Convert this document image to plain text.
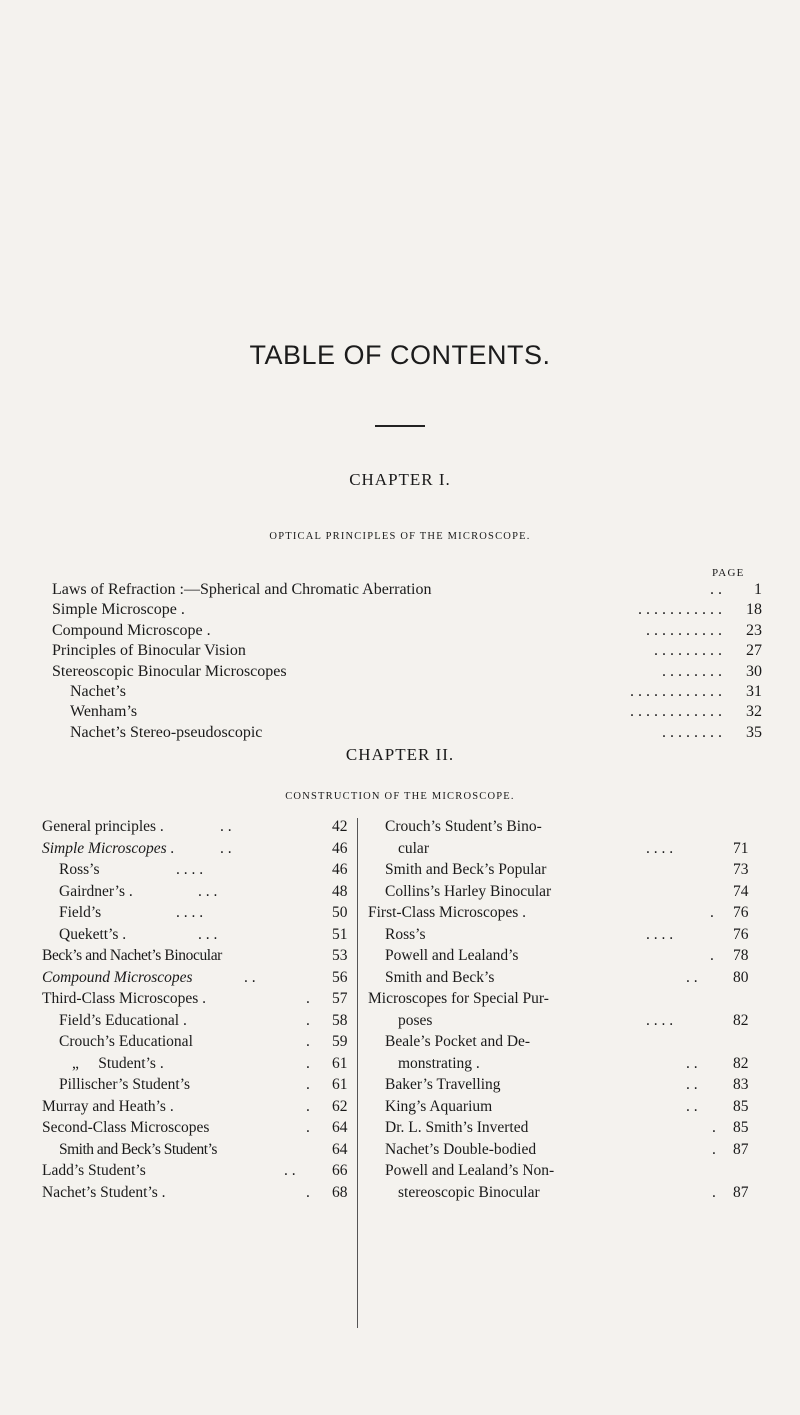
TABLE OF CONTENTS.
CHAPTER I.
OPTICAL PRINCIPLES OF THE MICROSCOPE.
PAGE
Laws of Refraction :—Spherical and Chromatic Aberration	. .	1
Simple Microscope .	. . . . . . . . . . .	18
Compound Microscope .	. . . . . . . . . .	23
Principles of Binocular Vision	. . . . . . . . .	27
Stereoscopic Binocular Microscopes	. . . . . . . .	30
Nachet’s	. . . . . . . . . . . .	31
Wenham’s	. . . . . . . . . . . .	32
Nachet’s Stereo-pseudoscopic	. . . . . . . .	35
CHAPTER II.
CONSTRUCTION OF THE MICROSCOPE.
General principles .	. .	42
Simple Microscopes .	. .	46
Ross’s	. . . .	46
Gairdner’s .	. . .	48
Field’s	. . . .	50
Quekett’s .	. . .	51
Beck’s and Nachet’s Binocular	53
Compound Microscopes	. .	56
Third-Class Microscopes .	. 57
Field’s Educational .	. 58
Crouch’s Educational	. 59
„     Student’s .	. 61
Pillischer’s Student’s	. 61
Murray and Heath’s .	. 62
Second-Class Microscopes	. 64
Smith and Beck’s Student’s	64
Ladd’s Student’s	. . 66
Nachet’s Student’s .	. 68
Crouch’s Student’s Bino-
cular	. . . .	71
Smith and Beck’s Popular	73
Collins’s Harley Binocular	74
First-Class Microscopes .	. 76
Ross’s	. . . .	76
Powell and Lealand’s	. 78
Smith and Beck’s	. . 80
Microscopes for Special Pur-
poses	. . . .	82
Beale’s Pocket and De-
monstrating .	. . 82
Baker’s Travelling	. . 83
King’s Aquarium	. . 85
Dr. L. Smith’s Inverted	. 85
Nachet’s Double-bodied	. 87
Powell and Lealand’s Non-
stereoscopic Binocular	. 87
